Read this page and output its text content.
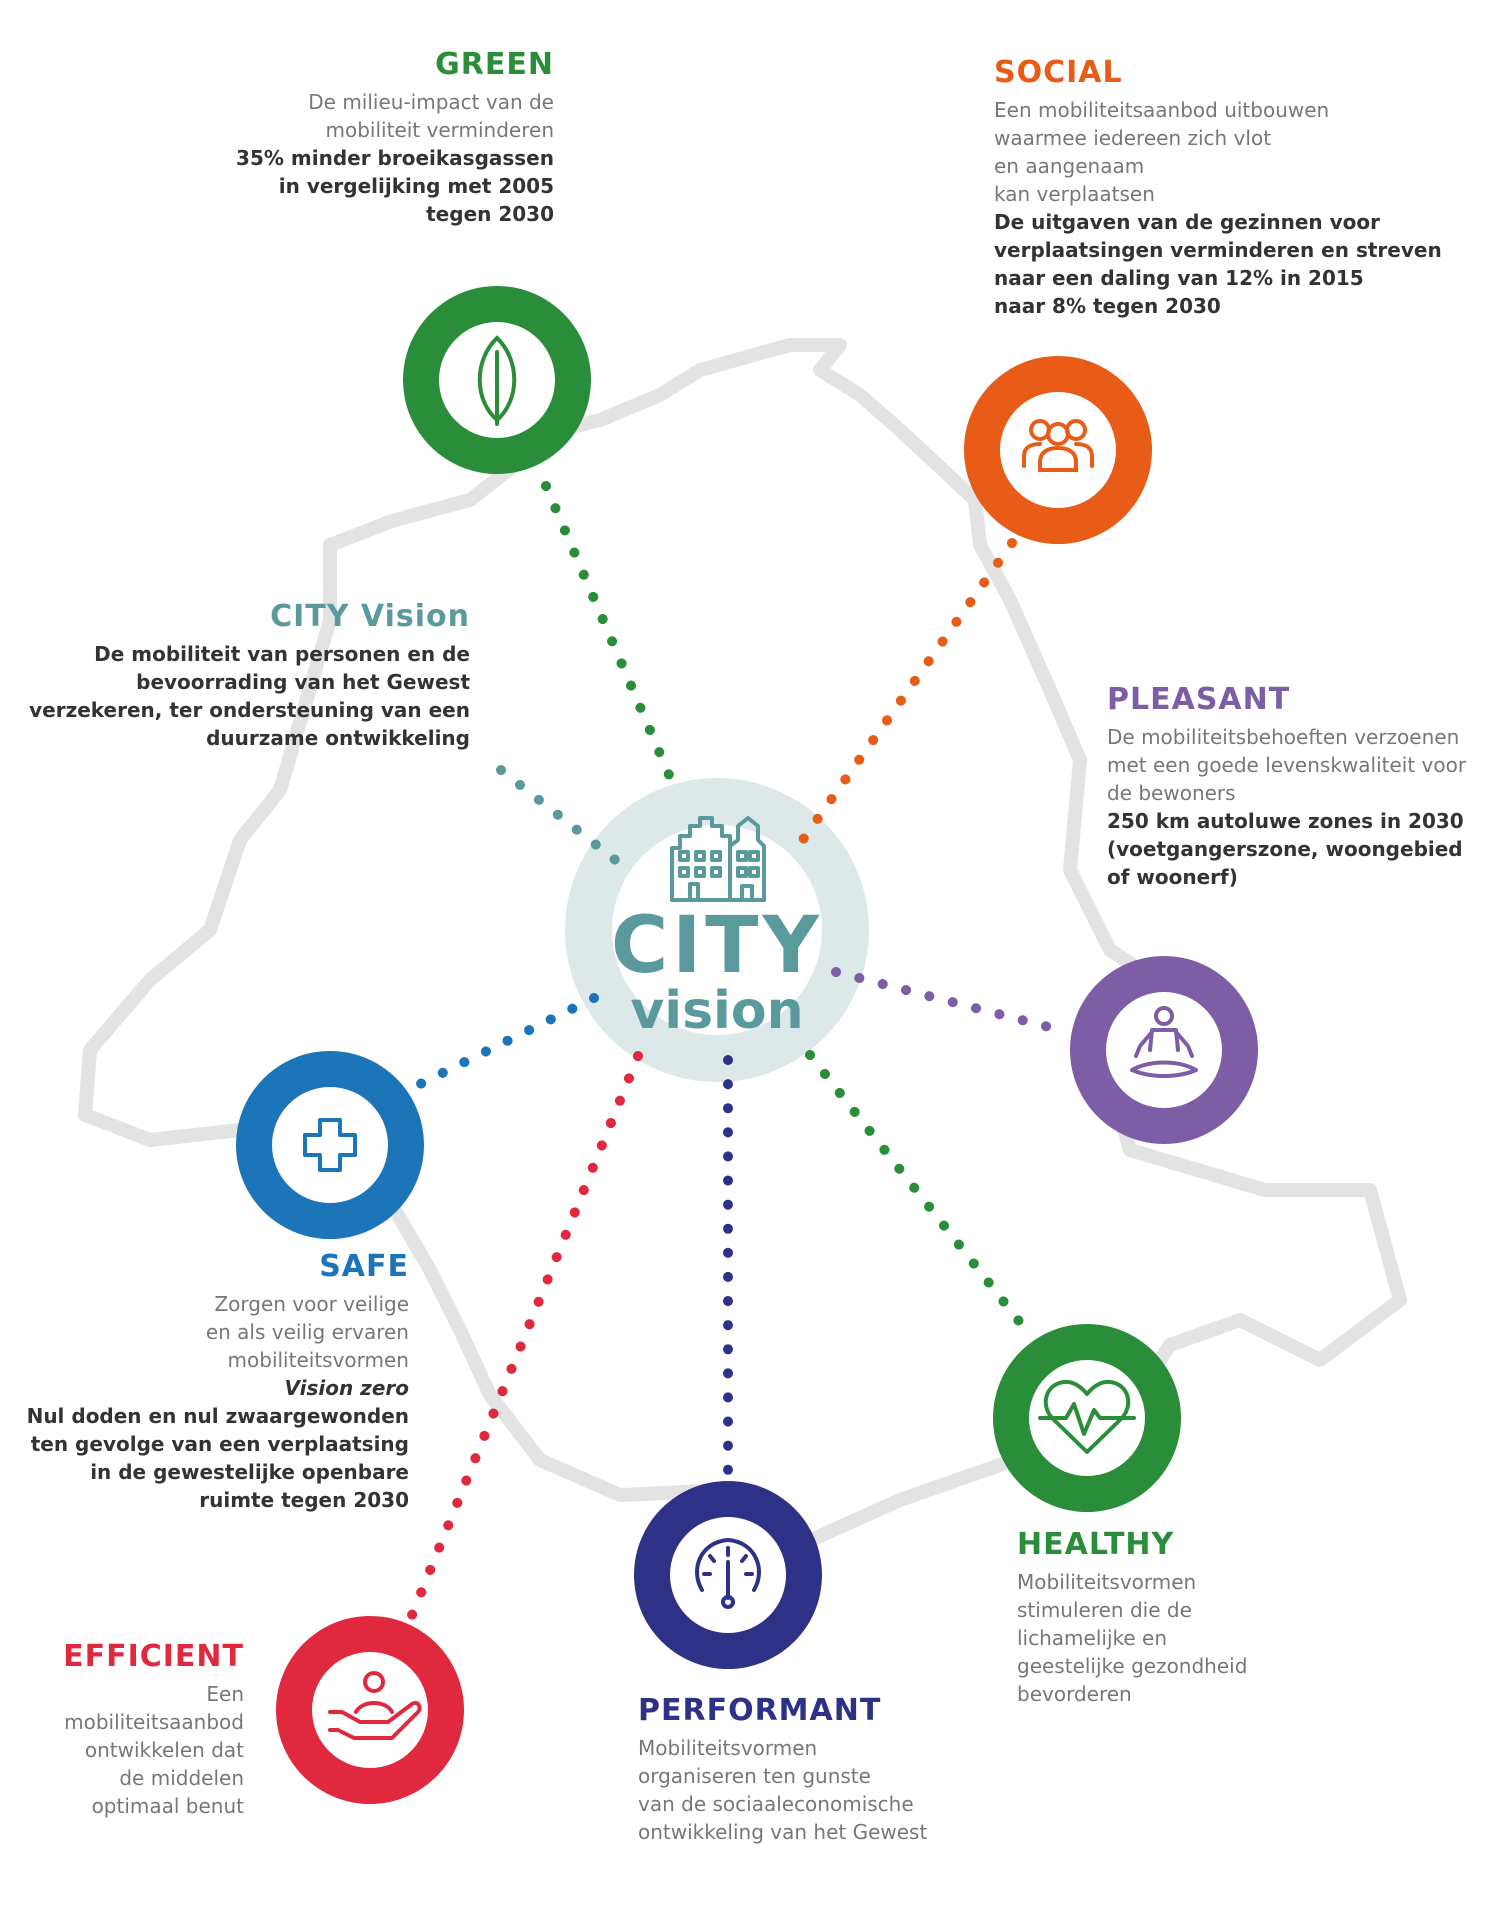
CITY
vision
GREEN
De milieu-impact van de
mobiliteit verminderen
35% minder broeikasgassen
in vergelijking met 2005
tegen 2030
SOCIAL
Een mobiliteitsaanbod uitbouwen
waarmee iedereen zich vlot
en aangenaam
kan verplaatsen
De uitgaven van de gezinnen voor
verplaatsingen verminderen en streven
naar een daling van 12% in 2015
naar 8% tegen 2030
CITY Vision
De mobiliteit van personen en de
bevoorrading van het Gewest
verzekeren, ter ondersteuning van een
duurzame ontwikkeling
PLEASANT
De mobiliteitsbehoeften verzoenen
met een goede levenskwaliteit voor
de bewoners
250 km autoluwe zones in 2030
(voetgangerszone, woongebied
of woonerf)
SAFE
Zorgen voor veilige
en als veilig ervaren
mobiliteitsvormen
Vision zero
Nul doden en nul zwaargewonden
ten gevolge van een verplaatsing
in de gewestelijke openbare
ruimte tegen 2030
EFFICIENT
Een
mobiliteitsaanbod
ontwikkelen dat
de middelen
optimaal benut
PERFORMANT
Mobiliteitsvormen
organiseren ten gunste
van de sociaaleconomische
ontwikkeling van het Gewest
HEALTHY
Mobiliteitsvormen
stimuleren die de
lichamelijke en
geestelijke gezondheid
bevorderen
